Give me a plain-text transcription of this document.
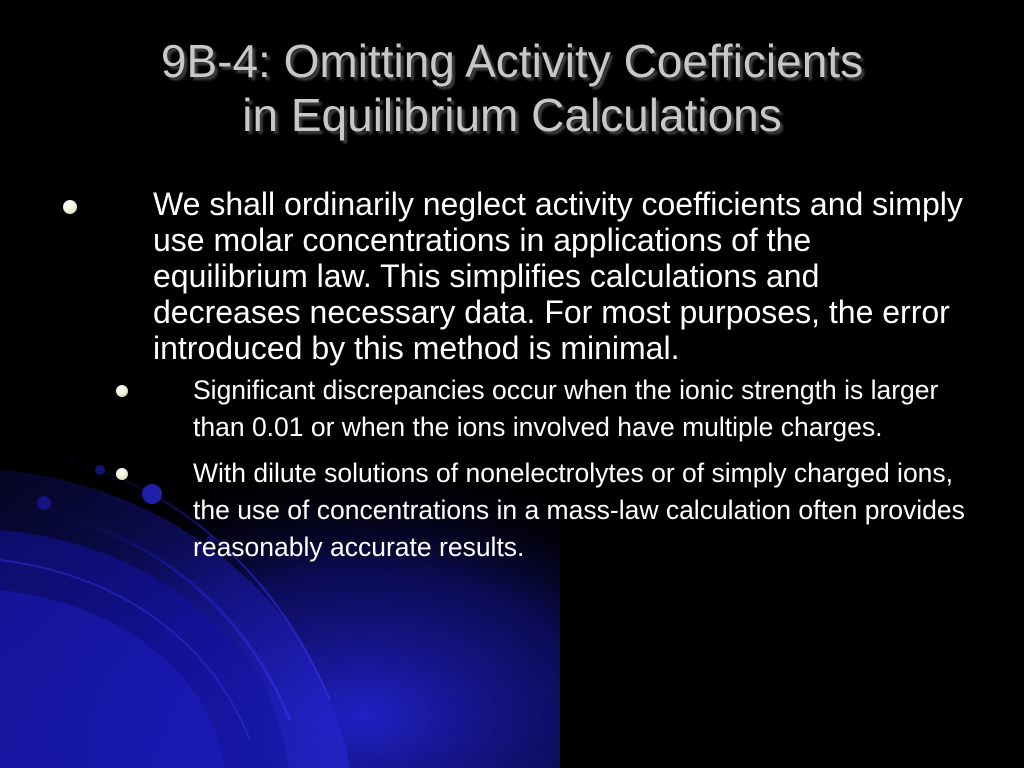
9B-4: Omitting Activity Coefficients
in Equilibrium Calculations
We shall ordinarily neglect activity coefficients and simply use molar concentrations in applications of the equilibrium law. This simplifies calculations and decreases necessary data. For most purposes, the error introduced by this method is minimal.
Significant discrepancies occur when the ionic strength is larger than 0.01 or when the ions involved have multiple charges.
With dilute solutions of nonelectrolytes or of simply charged ions, the use of concentrations in a mass-law calculation often provides reasonably accurate results.
